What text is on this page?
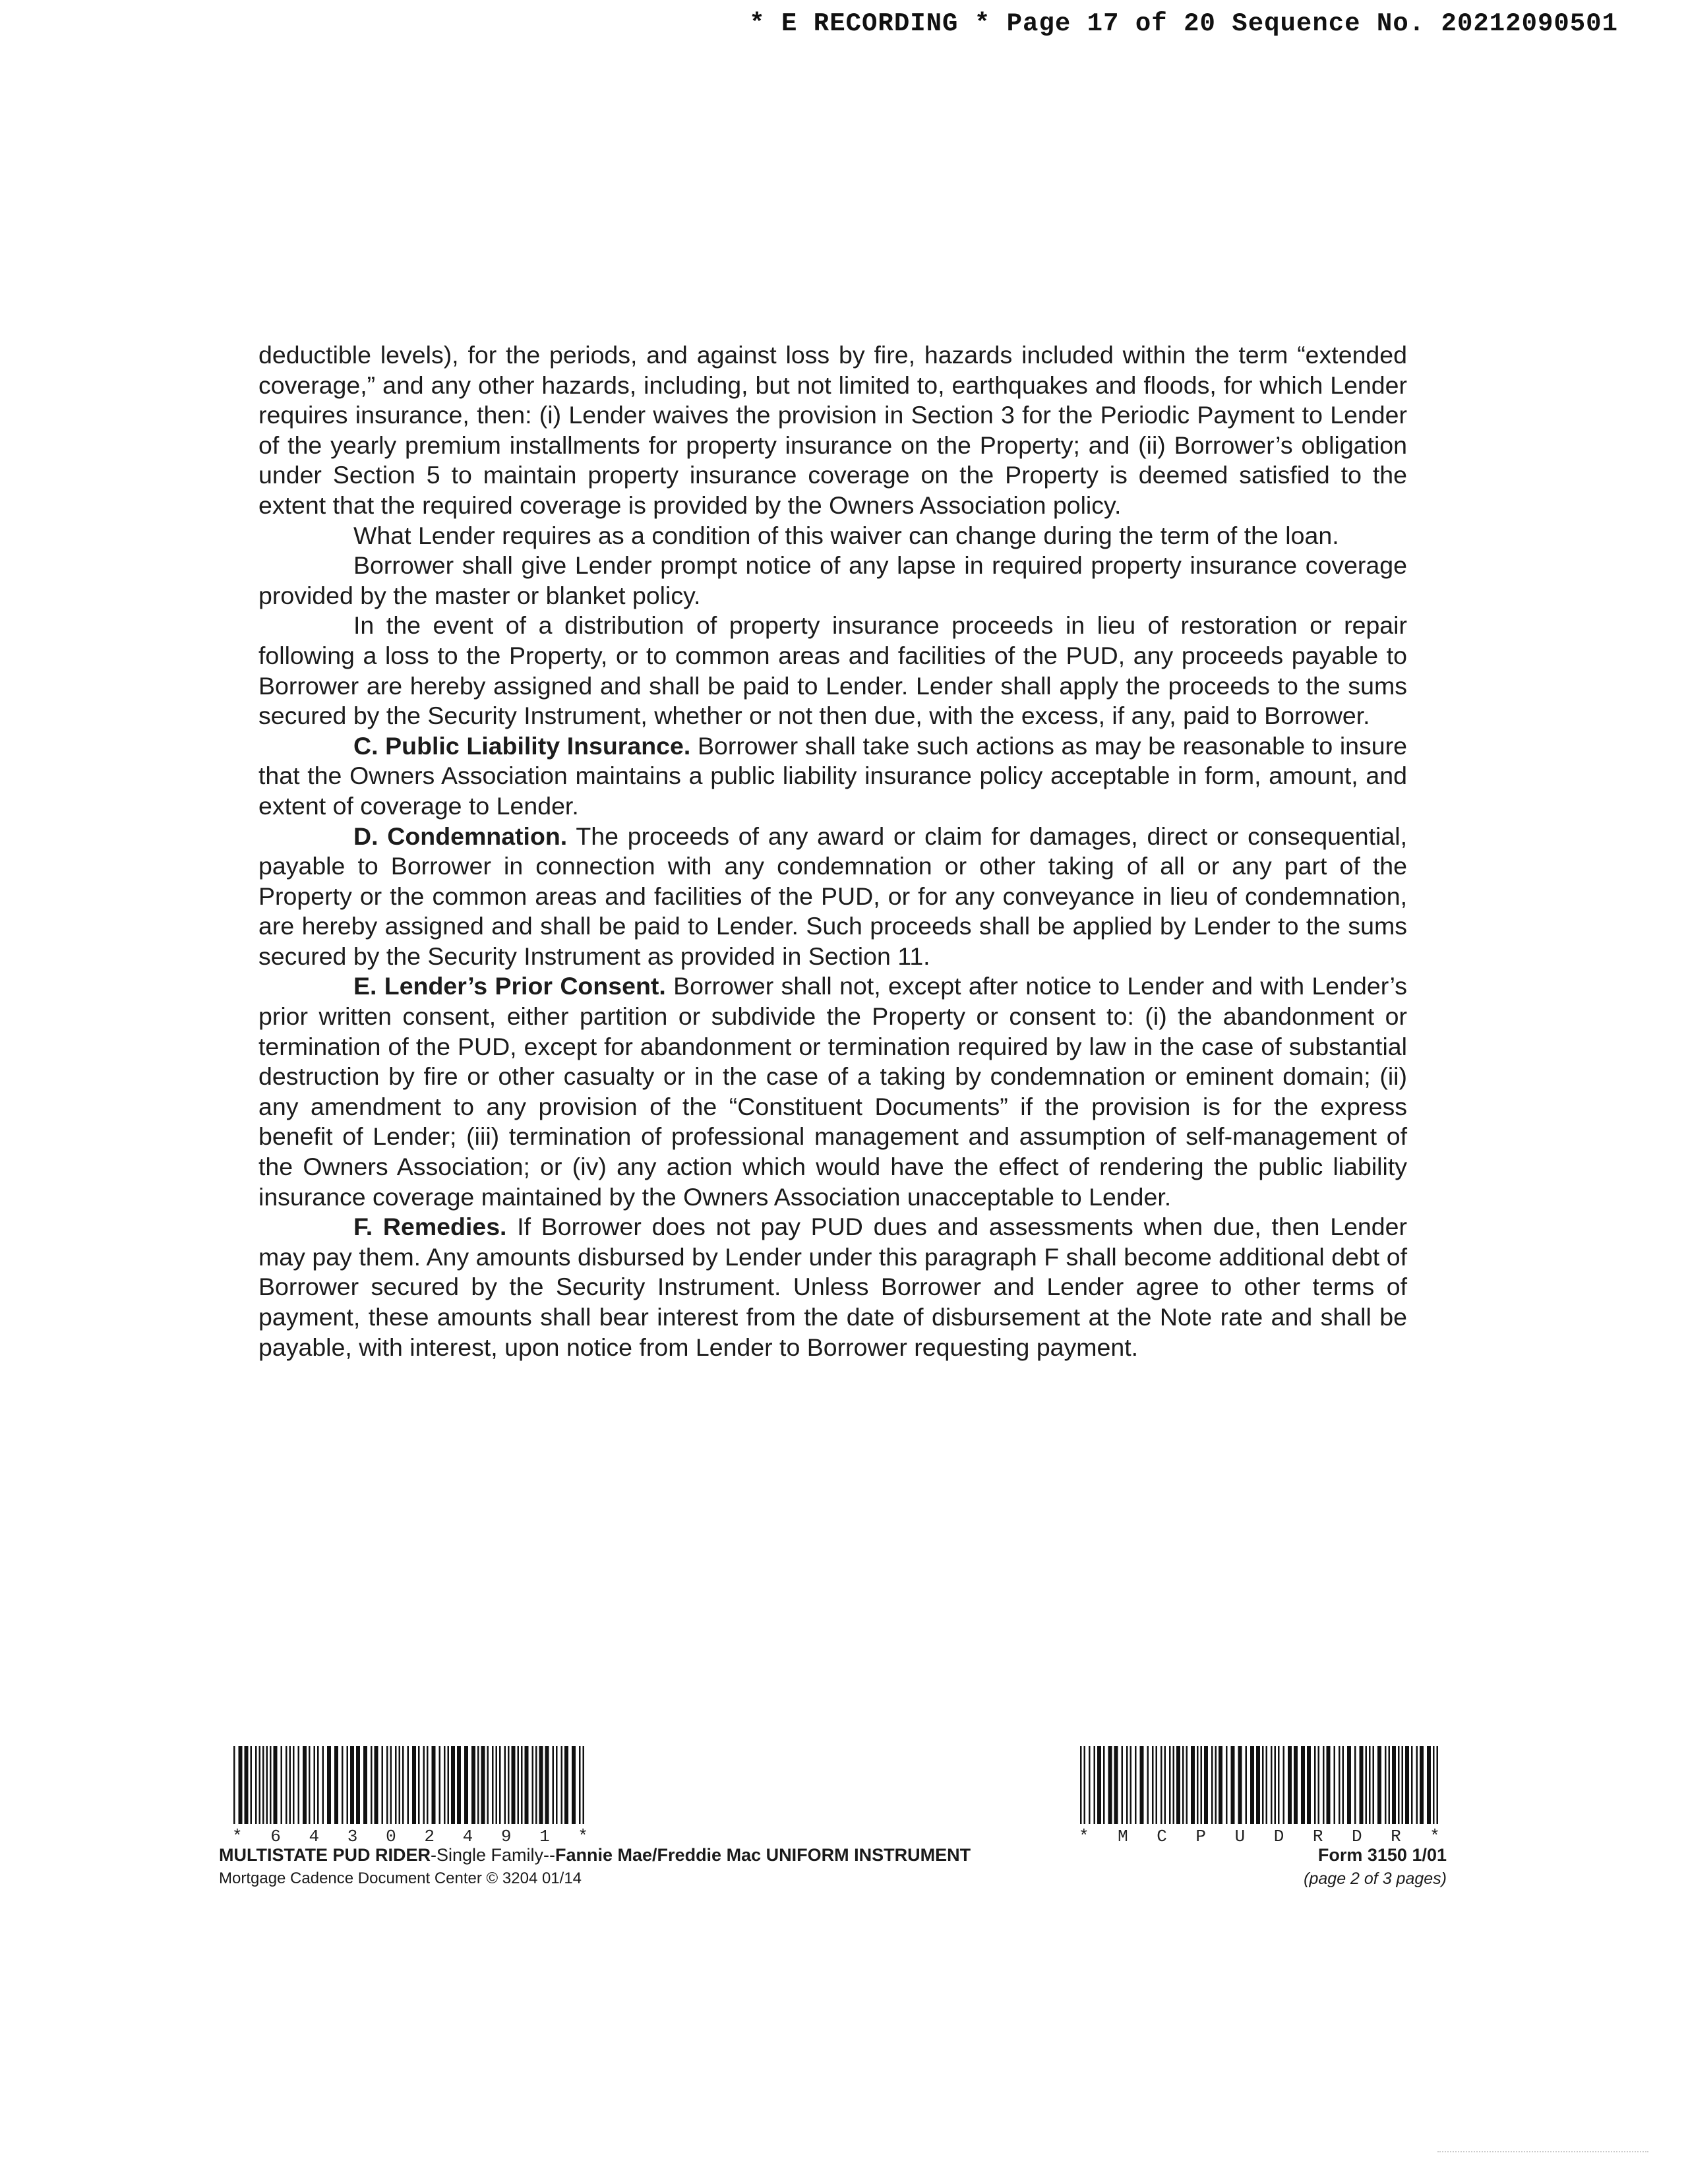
* E RECORDING * Page 17 of 20 Sequence No. 20212090501

deductible levels), for the periods, and against loss by fire, hazards included within the term “extended coverage,” and any other hazards, including, but not limited to, earthquakes and floods, for which Lender requires insurance, then: (i) Lender waives the provision in Section 3 for the Periodic Payment to Lender of the yearly premium installments for property insurance on the Property; and (ii) Borrower’s obligation under Section 5 to maintain property insurance coverage on the Property is deemed satisfied to the extent that the required coverage is provided by the Owners Association policy.

What Lender requires as a condition of this waiver can change during the term of the loan.

Borrower shall give Lender prompt notice of any lapse in required property insurance coverage provided by the master or blanket policy.

In the event of a distribution of property insurance proceeds in lieu of restoration or repair following a loss to the Property, or to common areas and facilities of the PUD, any proceeds payable to Borrower are hereby assigned and shall be paid to Lender. Lender shall apply the proceeds to the sums secured by the Security Instrument, whether or not then due, with the excess, if any, paid to Borrower.

C. Public Liability Insurance. Borrower shall take such actions as may be reasonable to insure that the Owners Association maintains a public liability insurance policy acceptable in form, amount, and extent of coverage to Lender.

D. Condemnation. The proceeds of any award or claim for damages, direct or consequential, payable to Borrower in connection with any condemnation or other taking of all or any part of the Property or the common areas and facilities of the PUD, or for any conveyance in lieu of condemnation, are hereby assigned and shall be paid to Lender. Such proceeds shall be applied by Lender to the sums secured by the Security Instrument as provided in Section 11.

E. Lender’s Prior Consent. Borrower shall not, except after notice to Lender and with Lender’s prior written consent, either partition or subdivide the Property or consent to: (i) the abandonment or termination of the PUD, except for abandonment or termination required by law in the case of substantial destruction by fire or other casualty or in the case of a taking by condemnation or eminent domain; (ii) any amendment to any provision of the “Constituent Documents” if the provision is for the express benefit of Lender; (iii) termination of professional management and assumption of self-management of the Owners Association; or (iv) any action which would have the effect of rendering the public liability insurance coverage maintained by the Owners Association unacceptable to Lender.

F. Remedies. If Borrower does not pay PUD dues and assessments when due, then Lender may pay them. Any amounts disbursed by Lender under this paragraph F shall become additional debt of Borrower secured by the Security Instrument. Unless Borrower and Lender agree to other terms of payment, these amounts shall bear interest from the date of disbursement at the Note rate and shall be payable, with interest, upon notice from Lender to Borrower requesting payment.

* 6 4 3 0 2 4 9 1 *	* M C P U D R D R *
MULTISTATE PUD RIDER-Single Family--Fannie Mae/Freddie Mac UNIFORM INSTRUMENT
Mortgage Cadence Document Center © 3204 01/14
Form 3150 1/01
(page 2 of 3 pages)
